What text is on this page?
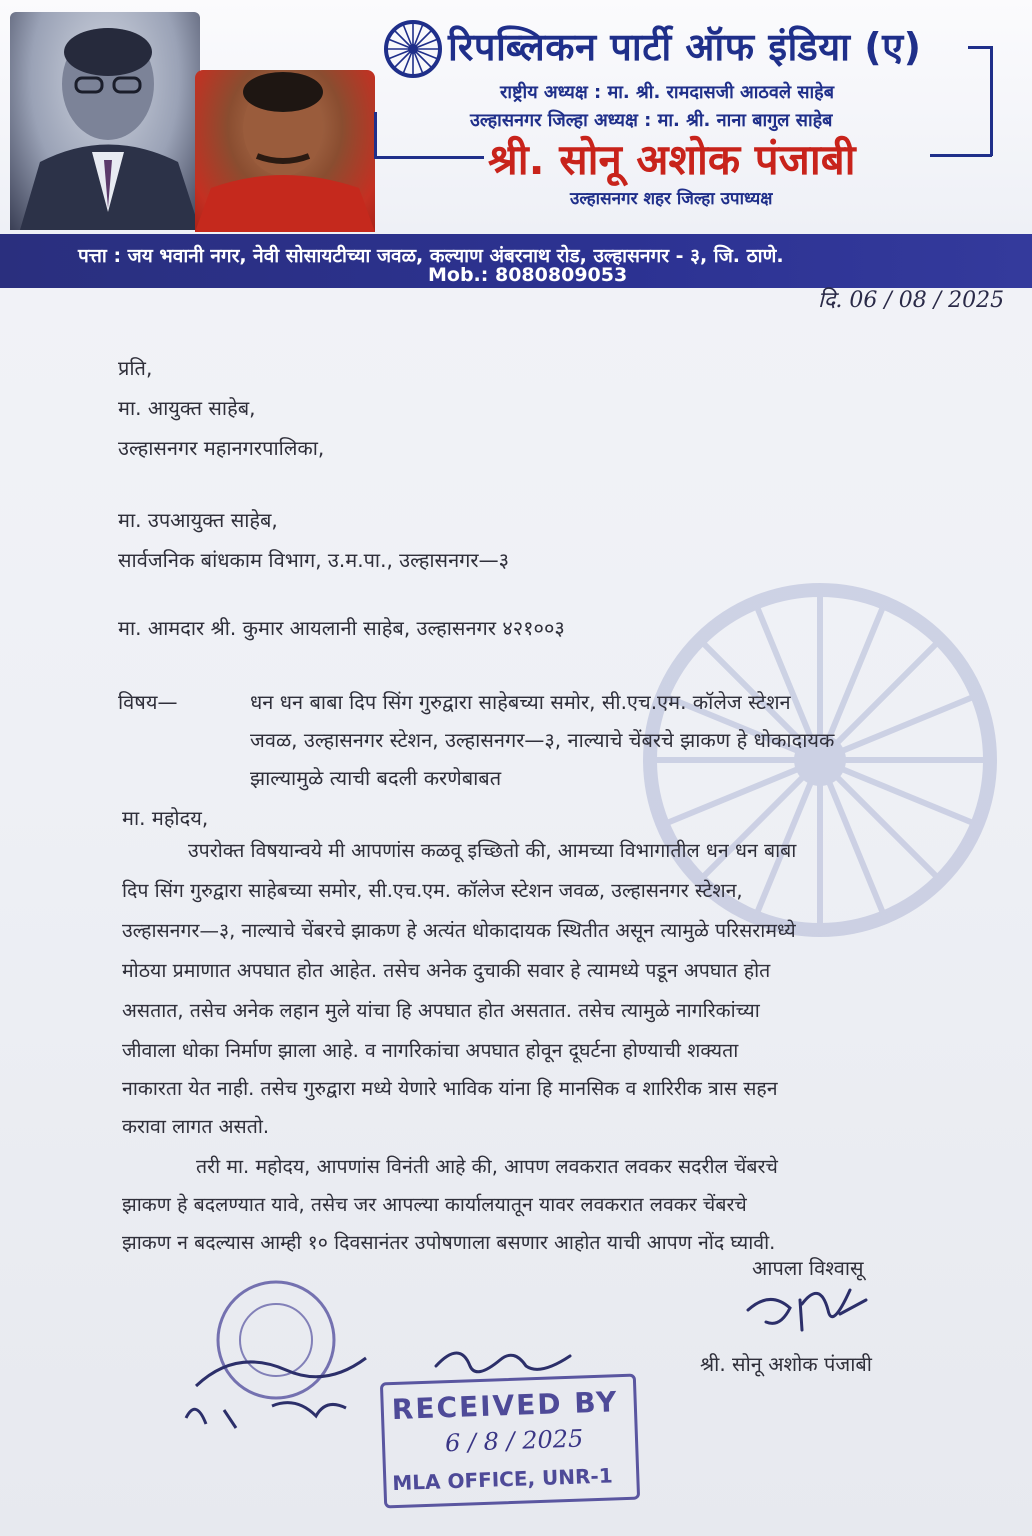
रिपब्लिकन पार्टी ऑफ इंडिया (ए)
राष्ट्रीय अध्यक्ष : मा. श्री. रामदासजी आठवले साहेब
उल्हासनगर जिल्हा अध्यक्ष : मा. श्री. नाना बागुल साहेब
श्री. सोनू अशोक पंजाबी
उल्हासनगर शहर जिल्हा उपाध्यक्ष
पत्ता : जय भवानी नगर, नेवी सोसायटीच्या जवळ, कल्याण अंबरनाथ रोड, उल्हासनगर - ३, जि. ठाणे.
Mob.: 8080809053
दि. 06 / 08 / 2025
प्रति,
मा. आयुक्त साहेब,
उल्हासनगर महानगरपालिका,
मा. उपआयुक्त साहेब,
सार्वजनिक बांधकाम विभाग, उ.म.पा., उल्हासनगर—३
मा. आमदार श्री. कुमार आयलानी साहेब, उल्हासनगर ४२१००३
विषय—	धन धन बाबा दिप सिंग गुरुद्वारा साहेबच्या समोर, सी.एच.एम. कॉलेज स्टेशन
जवळ, उल्हासनगर स्टेशन, उल्हासनगर—३, नाल्याचे चेंबरचे झाकण हे धोकादायक
झाल्यामुळे त्याची बदली करणेबाबत
मा. महोदय,
उपरोक्त विषयान्वये मी आपणांस कळवू इच्छितो की, आमच्या विभागातील धन धन बाबा
दिप सिंग गुरुद्वारा साहेबच्या समोर, सी.एच.एम. कॉलेज स्टेशन जवळ, उल्हासनगर स्टेशन,
उल्हासनगर—३, नाल्याचे चेंबरचे झाकण हे अत्यंत धोकादायक स्थितीत असून त्यामुळे परिसरामध्ये
मोठया प्रमाणात अपघात होत आहेत. तसेच अनेक दुचाकी सवार हे त्यामध्ये पडून अपघात होत
असतात, तसेच अनेक लहान मुले यांचा हि अपघात होत असतात. तसेच त्यामुळे नागरिकांच्या
जीवाला धोका निर्माण झाला आहे. व नागरिकांचा अपघात होवून दूघर्टना होण्याची शक्यता
नाकारता येत नाही. तसेच गुरुद्वारा मध्ये येणारे भाविक यांना हि मानसिक व शारिरीक त्रास सहन
करावा लागत असतो.
तरी मा. महोदय, आपणांस विनंती आहे की, आपण लवकरात लवकर सदरील चेंबरचे
झाकण हे बदलण्यात यावे, तसेच जर आपल्या कार्यालयातून यावर लवकरात लवकर चेंबरचे
झाकण न बदल्यास आम्ही १० दिवसानंतर उपोषणाला बसणार आहोत याची आपण नोंद घ्यावी.
आपला विश्वासू
श्री. सोनू अशोक पंजाबी
RECEIVED BY
6 / 8 / 2025
MLA OFFICE, UNR-1
